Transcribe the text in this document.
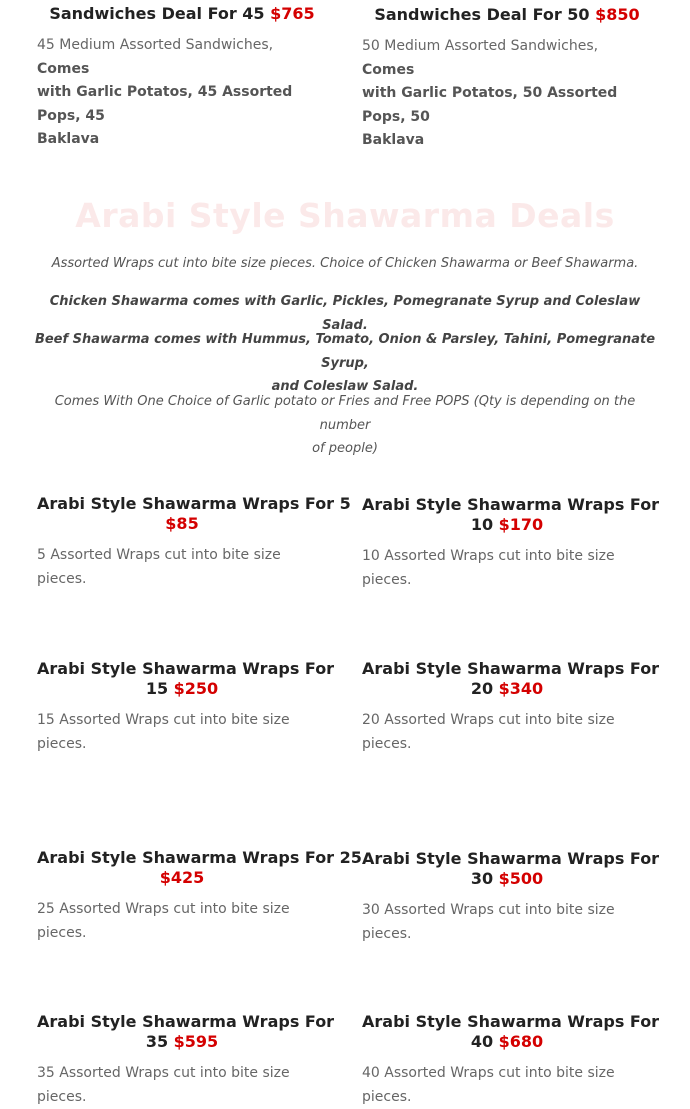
Sandwiches Deal For 45 $765
45 Medium Assorted Sandwiches, Comes
with Garlic Potatos, 45 Assorted Pops, 45
Baklava
Sandwiches Deal For 50 $850
50 Medium Assorted Sandwiches, Comes
with Garlic Potatos, 50 Assorted Pops, 50
Baklava
Arabi Style Shawarma Deals
Assorted Wraps cut into bite size pieces. Choice of Chicken Shawarma or Beef Shawarma.
Chicken Shawarma comes with Garlic, Pickles, Pomegranate Syrup and Coleslaw Salad.
Beef Shawarma comes with Hummus, Tomato, Onion & Parsley, Tahini, Pomegranate Syrup,
and Coleslaw Salad.
Comes With One Choice of Garlic potato or Fries and Free POPS (Qty is depending on the number
of people)
Arabi Style Shawarma Wraps For 5
$85
5 Assorted Wraps cut into bite size pieces.
Arabi Style Shawarma Wraps For
10 $170
10 Assorted Wraps cut into bite size
pieces.
Arabi Style Shawarma Wraps For
15 $250
15 Assorted Wraps cut into bite size
pieces.
Arabi Style Shawarma Wraps For
20 $340
20 Assorted Wraps cut into bite size
pieces.
Arabi Style Shawarma Wraps For 25
$425
25 Assorted Wraps cut into bite size
pieces.
Arabi Style Shawarma Wraps For
30 $500
30 Assorted Wraps cut into bite size
pieces.
Arabi Style Shawarma Wraps For
35 $595
35 Assorted Wraps cut into bite size
pieces.
Arabi Style Shawarma Wraps For
40 $680
40 Assorted Wraps cut into bite size
pieces.
